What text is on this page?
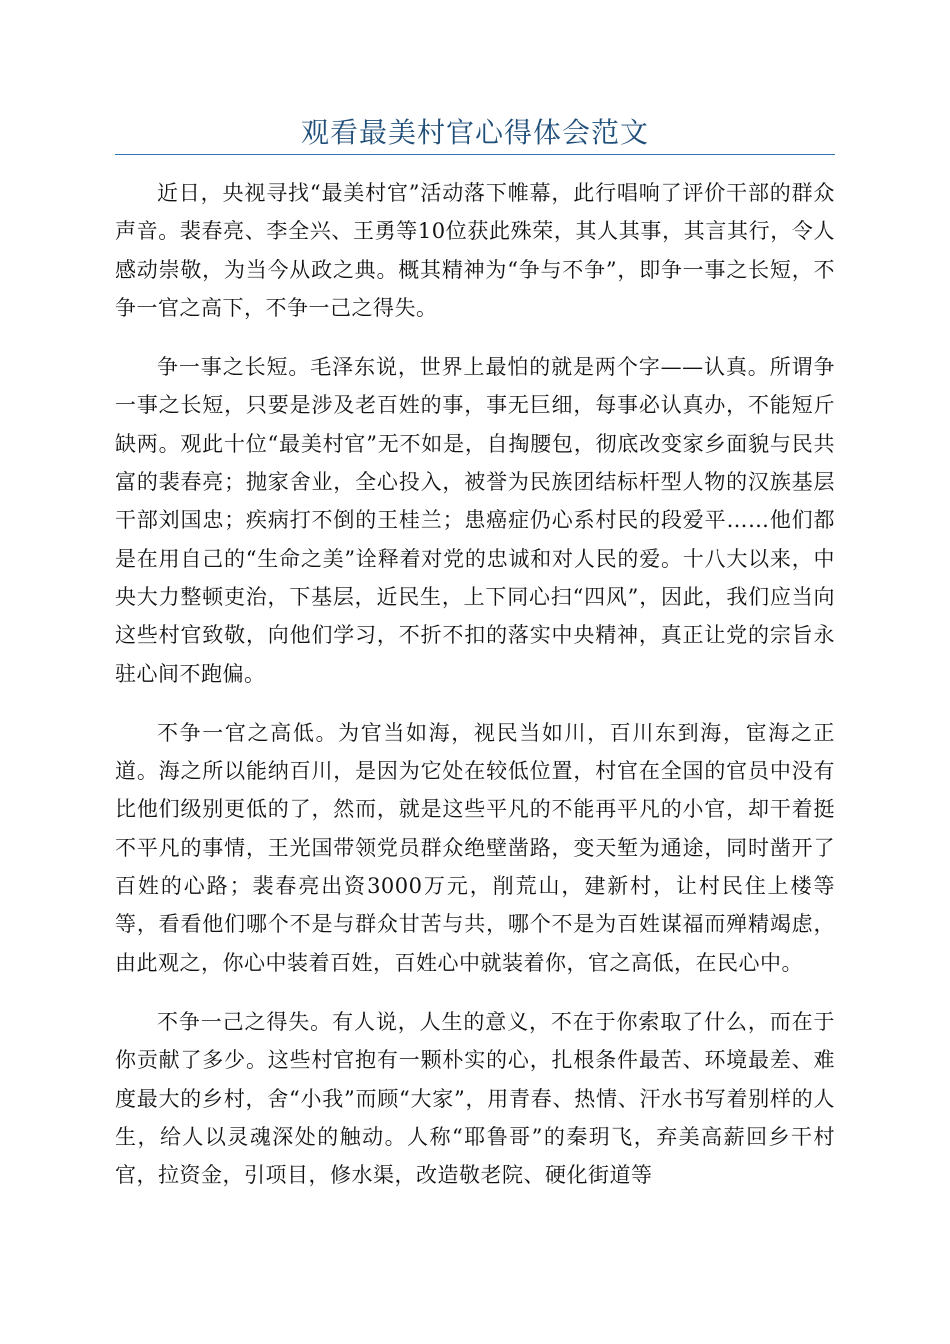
观看最美村官心得体会范文

近日，央视寻找“最美村官”活动落下帷幕，此行唱响了评价干部的群众声音。裴春亮、李全兴、王勇等10位获此殊荣，其人其事，其言其行，令人感动崇敬，为当今从政之典。概其精神为“争与不争”，即争一事之长短，不争一官之高下，不争一己之得失。

争一事之长短。毛泽东说，世界上最怕的就是两个字——认真。所谓争一事之长短，只要是涉及老百姓的事，事无巨细，每事必认真办，不能短斤缺两。观此十位“最美村官”无不如是，自掏腰包，彻底改变家乡面貌与民共富的裴春亮；抛家舍业，全心投入，被誉为民族团结标杆型人物的汉族基层干部刘国忠；疾病打不倒的王桂兰；患癌症仍心系村民的段爱平……他们都是在用自己的“生命之美”诠释着对党的忠诚和对人民的爱。十八大以来，中央大力整顿吏治，下基层，近民生，上下同心扫“四风”，因此，我们应当向这些村官致敬，向他们学习，不折不扣的落实中央精神，真正让党的宗旨永驻心间不跑偏。

不争一官之高低。为官当如海，视民当如川，百川东到海，宦海之正道。海之所以能纳百川，是因为它处在较低位置，村官在全国的官员中没有比他们级别更低的了，然而，就是这些平凡的不能再平凡的小官，却干着挺不平凡的事情，王光国带领党员群众绝壁凿路，变天堑为通途，同时凿开了百姓的心路；裴春亮出资3000万元，削荒山，建新村，让村民住上楼等等，看看他们哪个不是与群众甘苦与共，哪个不是为百姓谋福而殚精竭虑，由此观之，你心中装着百姓，百姓心中就装着你，官之高低，在民心中。

不争一己之得失。有人说，人生的意义，不在于你索取了什么，而在于你贡献了多少。这些村官抱有一颗朴实的心，扎根条件最苦、环境最差、难度最大的乡村，舍“小我”而顾“大家”，用青春、热情、汗水书写着别样的人生，给人以灵魂深处的触动。人称“耶鲁哥”的秦玥飞，弃美高薪回乡干村官，拉资金，引项目，修水渠，改造敬老院、硬化街道等
